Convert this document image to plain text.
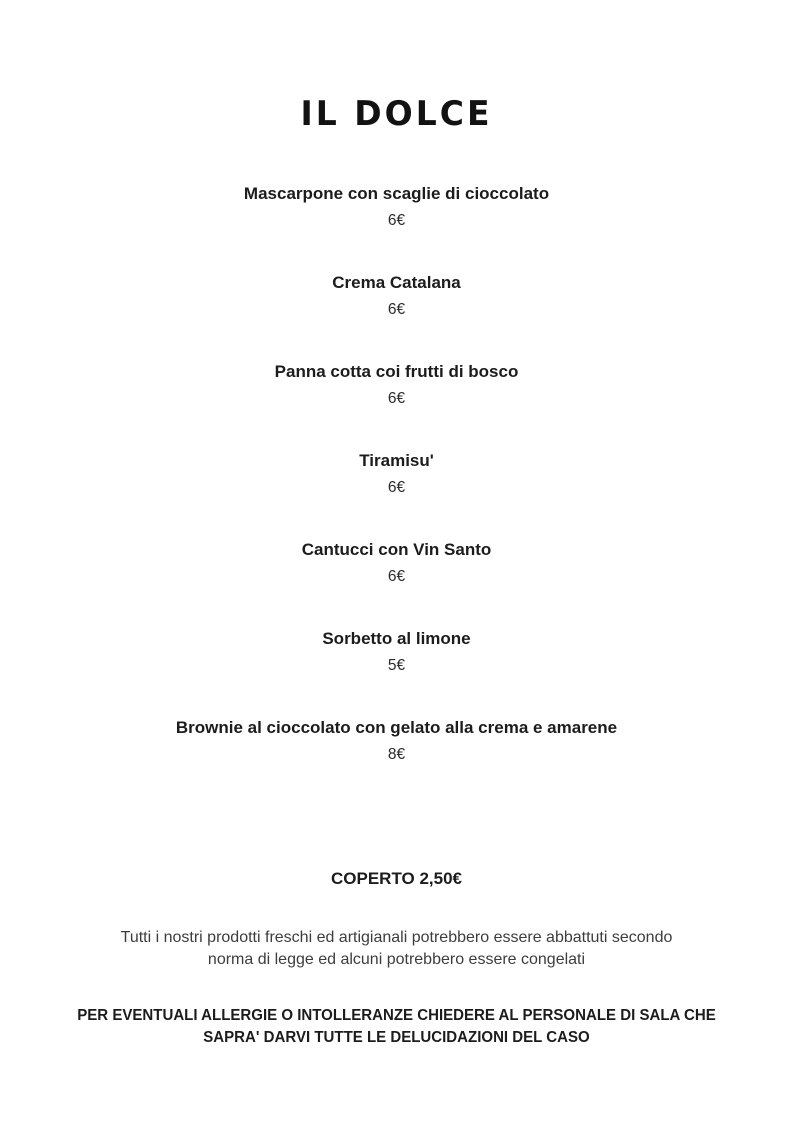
IL DOLCE
Mascarpone con scaglie di cioccolato
6€
Crema Catalana
6€
Panna cotta coi frutti di bosco
6€
Tiramisu'
6€
Cantucci con Vin Santo
6€
Sorbetto al limone
5€
Brownie al cioccolato con gelato alla crema e amarene
8€
COPERTO 2,50€
Tutti i nostri prodotti freschi ed artigianali potrebbero essere abbattuti secondo
norma di legge ed alcuni potrebbero essere congelati
PER EVENTUALI ALLERGIE O INTOLLERANZE CHIEDERE AL PERSONALE DI SALA CHE
SAPRA' DARVI TUTTE LE DELUCIDAZIONI DEL CASO
